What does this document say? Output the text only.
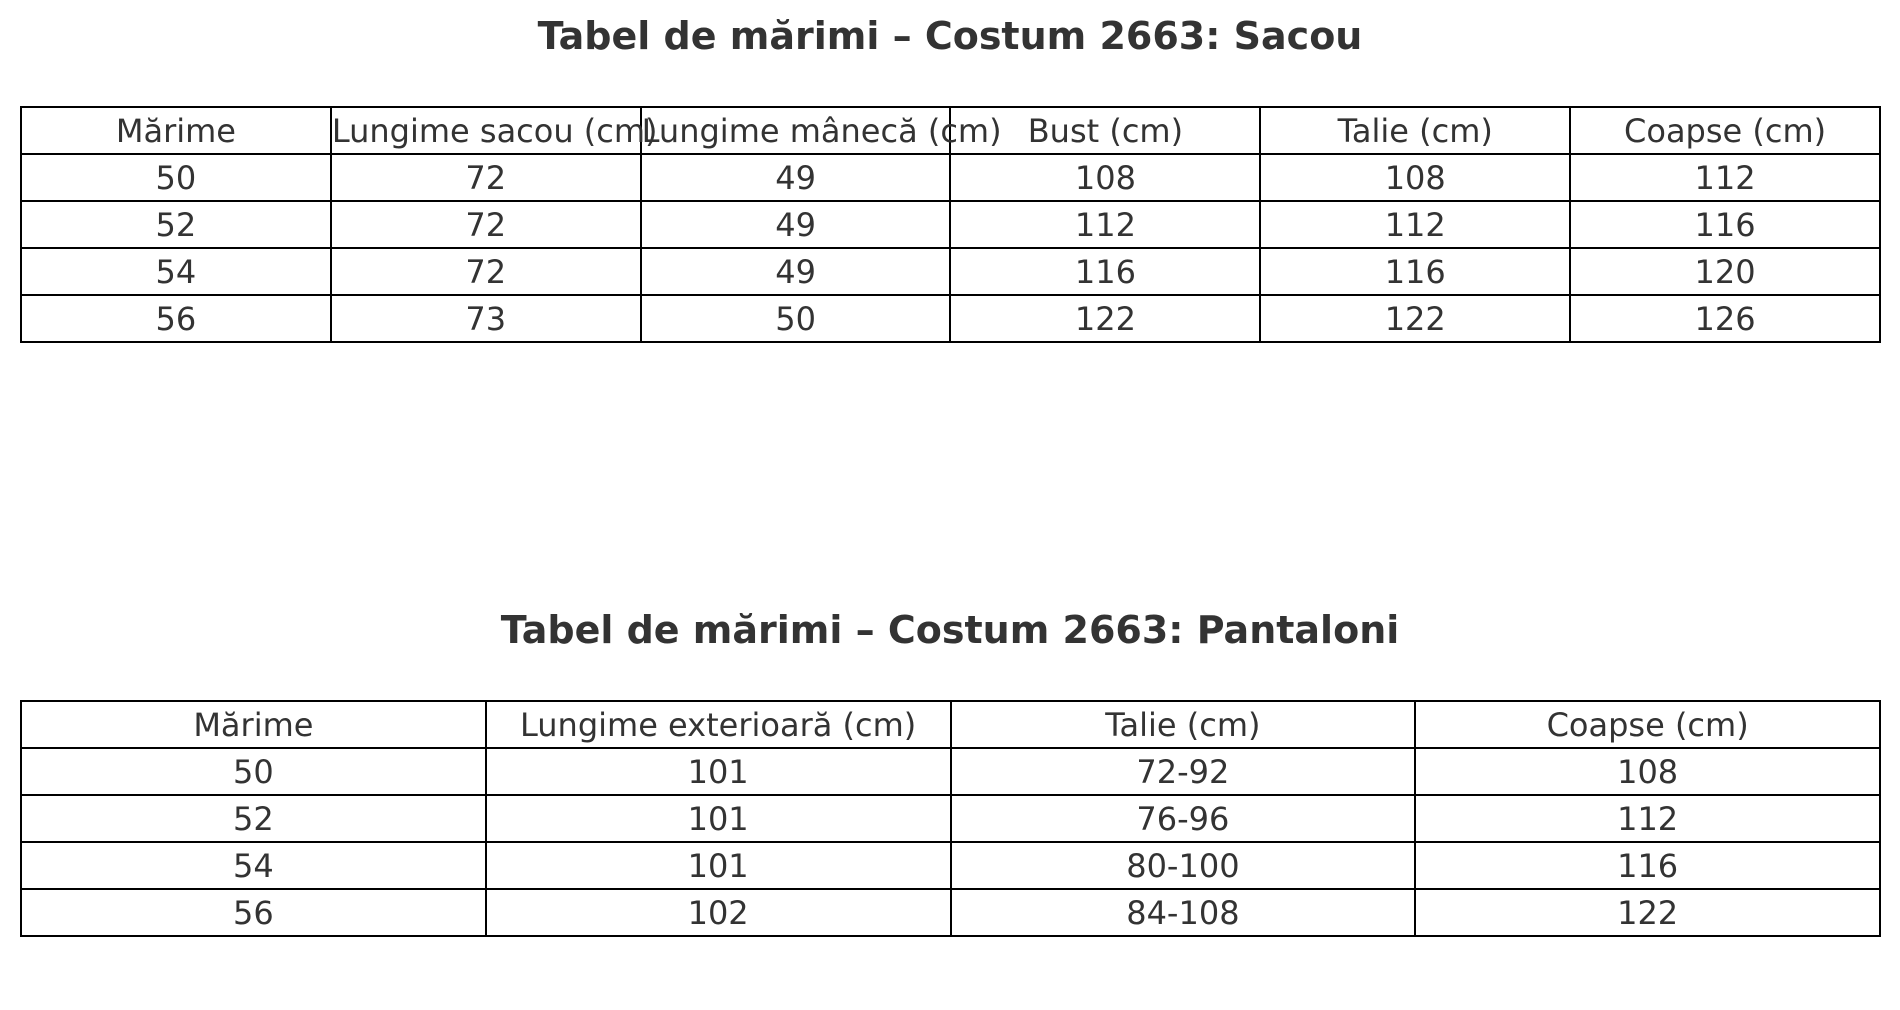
Tabel de mărimi – Costum 2663: Sacou
Mărime	Lungime sacou (cm)	Lungime mânecă (cm)	Bust (cm)	Talie (cm)	Coapse (cm)

50	72	49	108	108	112

52	72	49	112	112	116

54	72	49	116	116	120

56	73	50	122	122	126
Tabel de mărimi – Costum 2663: Pantaloni
Mărime	Lungime exterioară (cm)	Talie (cm)	Coapse (cm)

50	101	72-92	108

52	101	76-96	112

54	101	80-100	116

56	102	84-108	122
